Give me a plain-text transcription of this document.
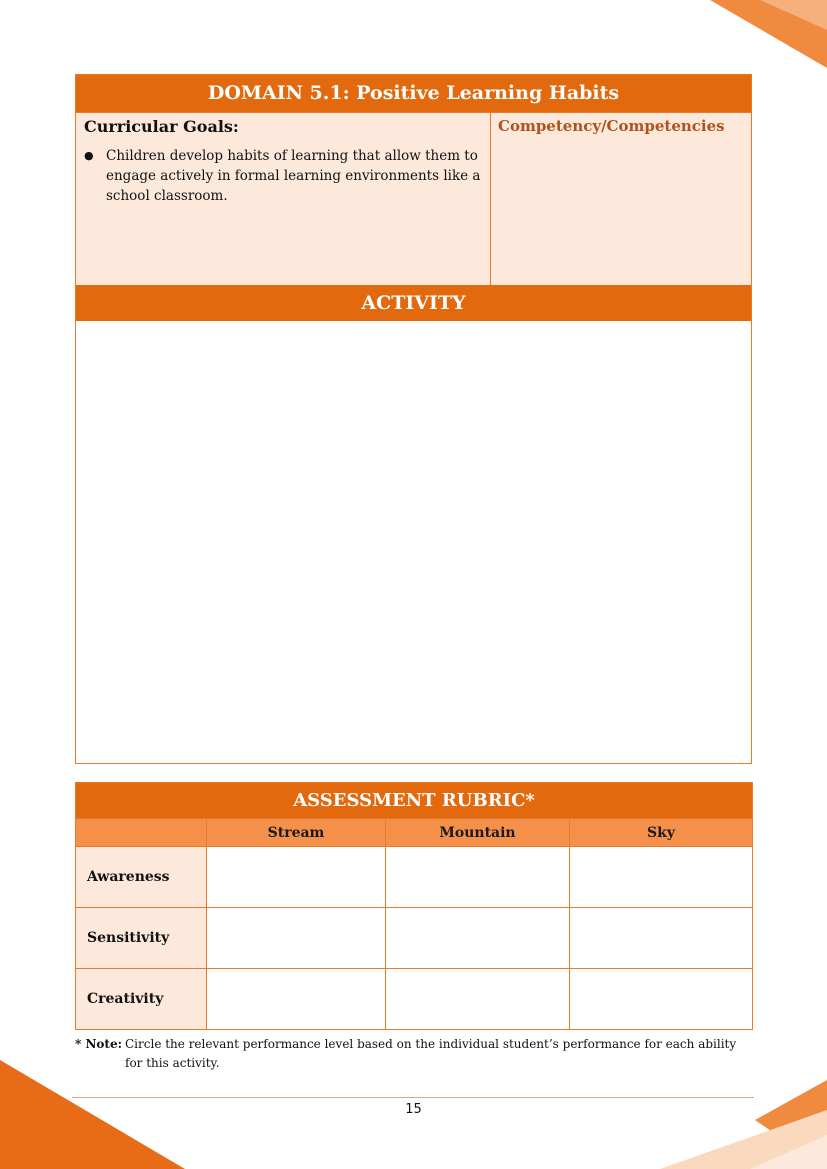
DOMAIN 5.1: Positive Learning Habits
Curricular Goals:
● Children develop habits of learning that allow them to engage actively in formal learning environments like a school classroom.
Competency/Competencies
ACTIVITY
ASSESSMENT RUBRIC*			
	Stream	Mountain	Sky
Awareness			
Sensitivity			
Creativity			
* Note: Circle the relevant performance level based on the individual student’s performance for each ability for this activity.
15
